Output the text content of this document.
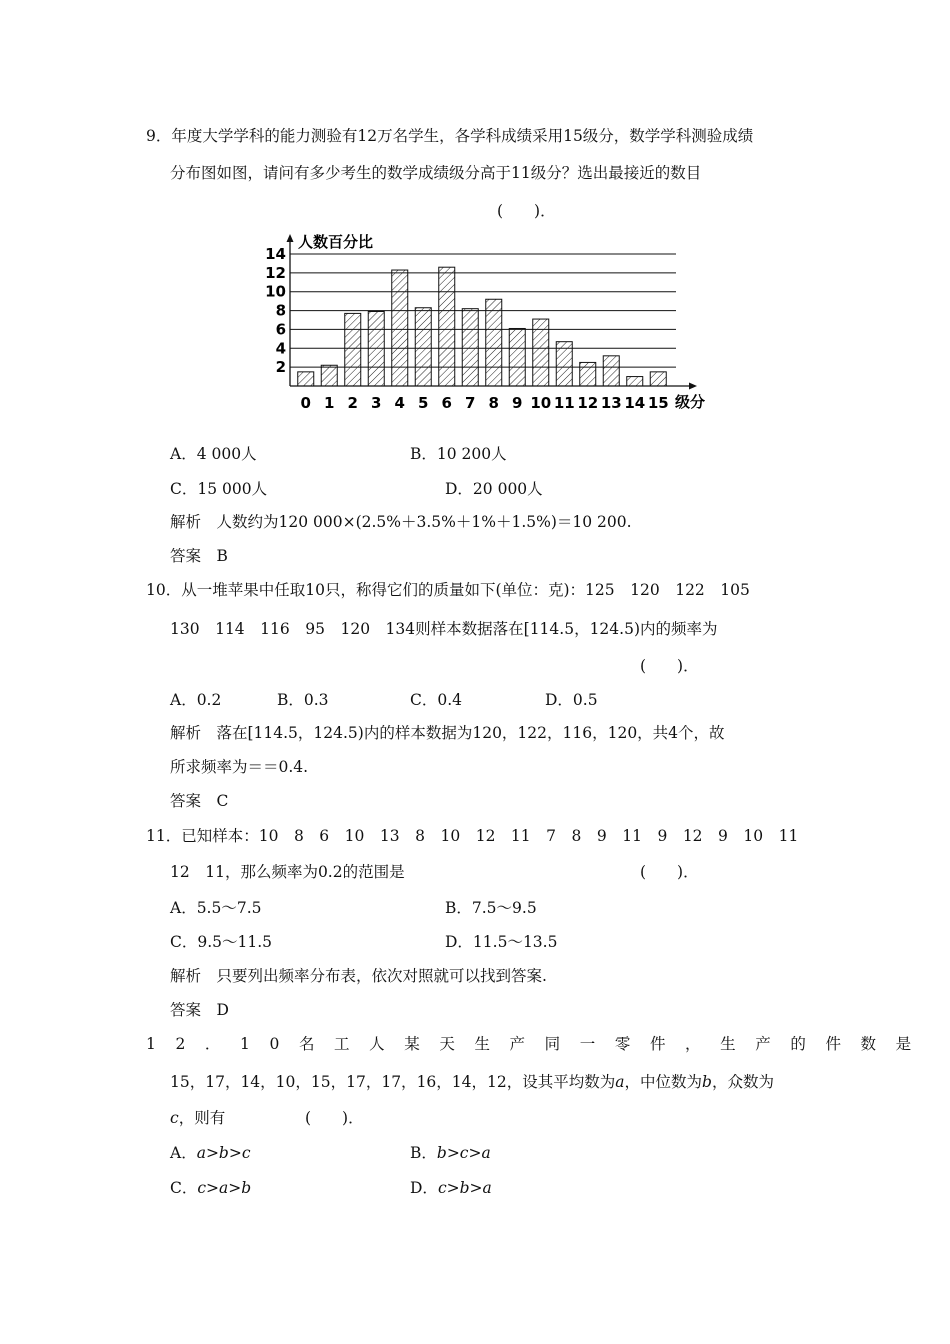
9．年度大学学科的能力测验有12万名学生，各学科成绩采用15级分，数学学科测验成绩
分布图如图，请问有多少考生的数学成绩级分高于11级分？选出最接近的数目
(　　)．
2
4
6
8
10
12
14
0 1 2 3 4 5 6 7 8 9 10 11 12 13 14 15
人数百分比
级分
A．4 000人	B．10 200人
C．15 000人	D．20 000人
解析　人数约为120 000×(2.5%＋3.5%＋1%＋1.5%)＝10 200.
答案　B
10．从一堆苹果中任取10只，称得它们的质量如下(单位：克)：125　120　122　105
130　114　116　95　120　134则样本数据落在[114.5，124.5)内的频率为
(　　)．
A．0.2	B．0.3	C．0.4	D．0.5
解析　落在[114.5，124.5)内的样本数据为120，122，116，120，共4个，故
所求频率为＝＝0.4.
答案　C
11．已知样本：10　8　6　10　13　8　10　12　11　7　8　9　11　9　12　9　10　11
12　11，那么频率为0.2的范围是	(　　)．
A．5.5～7.5	B．7.5～9.5
C．9.5～11.5	D．11.5～13.5
解析　只要列出频率分布表，依次对照就可以找到答案.
答案　D
12．10名工人某天生产同一零件，生产的件数是
15，17，14，10，15，17，17，16，14，12，设其平均数为a，中位数为b，众数为
c，则有	(　　)．
A．a>b>c	B．b>c>a
C．c>a>b	D．c>b>a
